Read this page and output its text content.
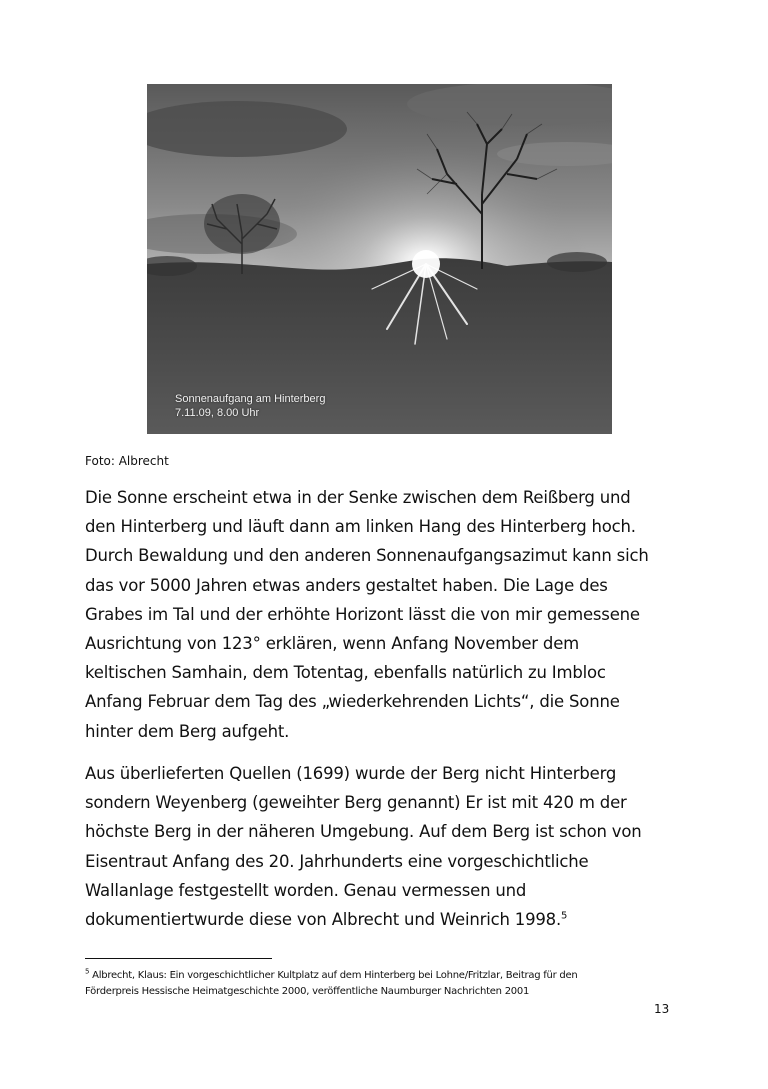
Sonnenaufgang am Hinterberg
7.11.09, 8.00 Uhr
Foto: Albrecht
Die Sonne erscheint etwa in der Senke zwischen dem Reißberg und
den Hinterberg und läuft dann am linken Hang des Hinterberg hoch.
Durch Bewaldung und den anderen Sonnenaufgangsazimut kann sich
das vor 5000 Jahren etwas anders gestaltet haben. Die Lage des
Grabes im Tal und der erhöhte Horizont lässt die von mir gemessene
Ausrichtung von 123° erklären, wenn Anfang November dem
keltischen Samhain, dem Totentag, ebenfalls natürlich zu Imbloc
Anfang Februar dem Tag des „wiederkehrenden Lichts“, die Sonne
hinter dem Berg aufgeht.
Aus überlieferten Quellen (1699) wurde der Berg nicht Hinterberg
sondern Weyenberg (geweihter Berg genannt) Er ist mit 420 m der
höchste Berg in der näheren Umgebung. Auf dem Berg ist schon von
Eisentraut Anfang des 20. Jahrhunderts eine vorgeschichtliche
Wallanlage festgestellt worden. Genau vermessen und
dokumentiertwurde diese von Albrecht und Weinrich 1998.$^5$
$^5$ Albrecht, Klaus: Ein vorgeschichtlicher Kultplatz auf dem Hinterberg bei Lohne/Fritzlar, Beitrag für den
Förderpreis Hessische Heimatgeschichte 2000, veröffentliche Naumburger Nachrichten 2001
13
